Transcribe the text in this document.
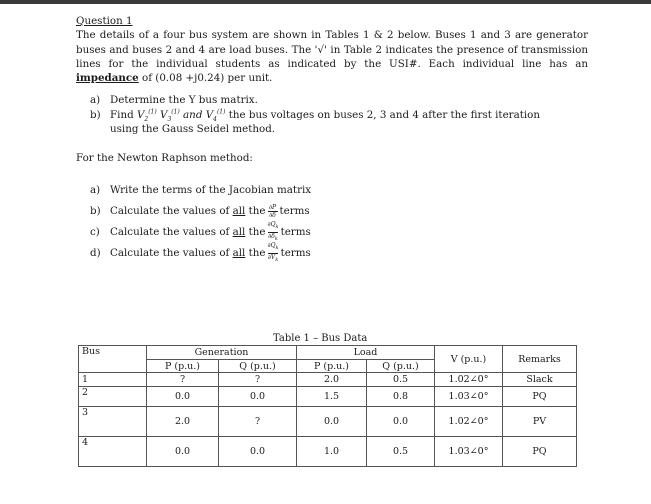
Question 1

The details of a four bus system are shown in Tables 1 & 2 below. Buses 1 and 3 are generator buses and buses 2 and 4 are load buses. The '√' in Table 2 indicates the presence of transmission lines for the individual students as indicated by the USI#. Each individual line has an impedance of (0.08 +j0.24) per unit.

a) Determine the Y bus matrix.
b) Find $V_2^{(1)}$ $V_3^{(1)}$ and $V_4^{(1)}$ the bus voltages on buses 2, 3 and 4 after the first iteration
using the Gauss Seidel method.
For the Newton Raphson method:
a) Write the terms of the Jacobian matrix
b) Calculate the values of
all
the $\frac{\partial P}{\partial\delta}$ terms
c) Calculate the values of
all
the $\frac{\partial Q_k}{\partial\delta_k}$ terms
d) Calculate the values of
all
the $\frac{\partial Q_k}{\partial V_k}$ terms
Table 1 – Bus Data
Bus	Generation		Load		V (p.u.)	Remarks
	P (p.u.)	Q (p.u.)	P (p.u.)	Q (p.u.)		
1	?	?	2.0	0.5	1.02∠0°	Slack
2	0.0	0.0	1.5	0.8	1.03∠0°	PQ
3	2.0	?	0.0	0.0	1.02∠0°	PV
4	0.0	0.0	1.0	0.5	1.03∠0°	PQ
